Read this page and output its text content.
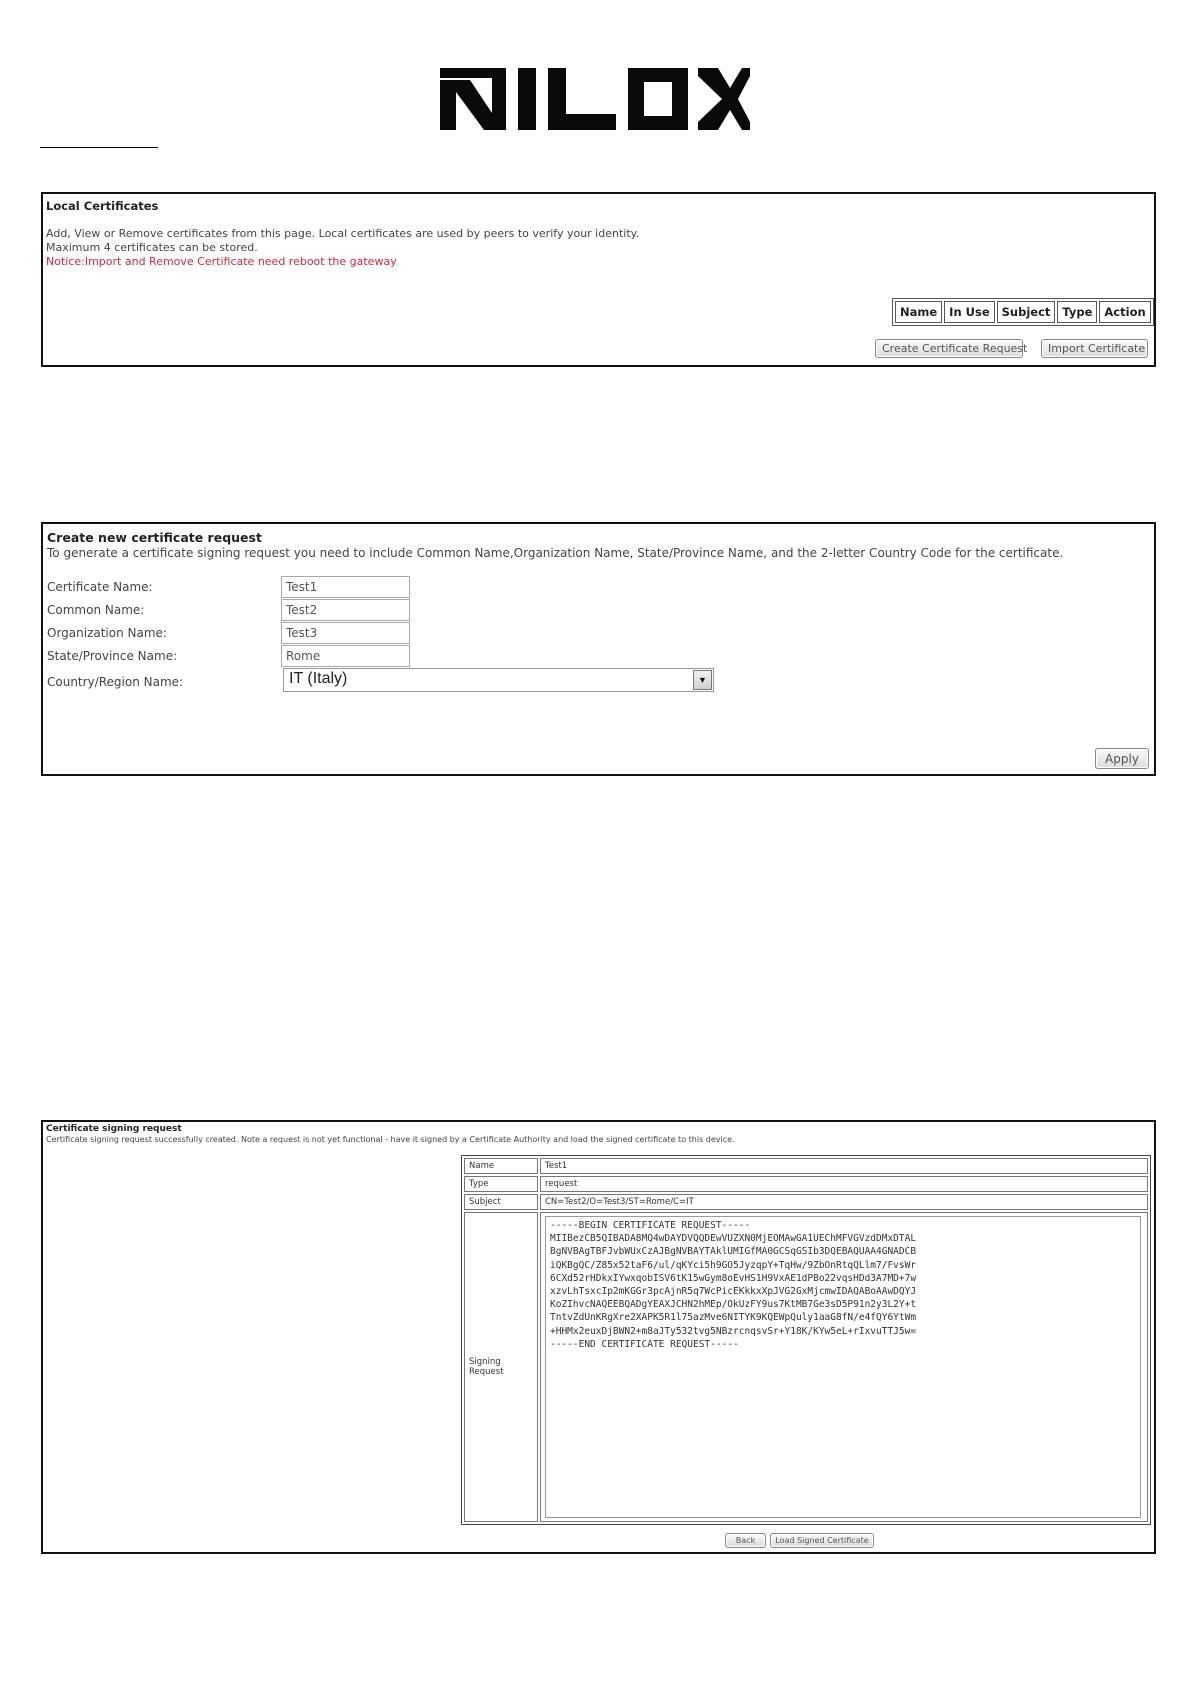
Local Certificates
Add, View or Remove certificates from this page. Local certificates are used by peers to verify your identity.
Maximum 4 certificates can be stored.
Notice:Import and Remove Certificate need reboot the gateway
Name	In Use	Subject	Type	Action
Create Certificate Request	Import Certificate
Create new certificate request
To generate a certificate signing request you need to include Common Name,Organization Name, State/Province Name, and the 2-letter Country Code for the certificate.
Certificate Name:
Test1
Common Name:
Test2
Organization Name:
Test3
State/Province Name:
Rome
Country/Region Name:	IT (Italy)	▼
Apply
Certificate signing request
Certificate signing request successfully created. Note a request is not yet functional - have it signed by a Certificate Authority and load the signed certificate to this device.
Name	Test1
Type	request
Subject	CN=Test2/O=Test3/ST=Rome/C=IT
Signing Request	
-----BEGIN CERTIFICATE REQUEST----- MIIBezCB5QIBADA8MQ4wDAYDVQQDEwVUZXN0MjEOMAwGA1UEChMFVGVzdDMxDTAL BgNVBAgTBFJvbWUxCzAJBgNVBAYTAklUMIGfMA0GCSqGSIb3DQEBAQUAA4GNADCB iQKBgQC/Z85x52taF6/ul/qKYci5h9GO5JyzqpY+TqHw/9ZbOnRtqQLlm7/FvsWr 6CXd52rHDkxIYwxqobISV6tK15wGym8oEvHS1H9VxAE1dPBo22vqsHDd3A7MD+7w xzvLhTsxcIp2mKGGr3pcAjnR5q7WcPicEKkkxXpJVG2GxMjcmwIDAQABoAAwDQYJ KoZIhvcNAQEEBQADgYEAXJCHN2hMEp/OkUzFY9us7KtMB7Ge3sD5P91n2y3L2Y+t TntvZdUnKRgXre2XAPK5R1l75azMve6NITYK9KQEWpQuly1aaG8fN/e4fQY6YtWm +HHMx2euxDjBWN2+m8aJTy532tvg5NBzrcnqsvSr+Y18K/KYw5eL+rIxvuTTJ5w= -----END CERTIFICATE REQUEST-----
Back	Load Signed Certificate
